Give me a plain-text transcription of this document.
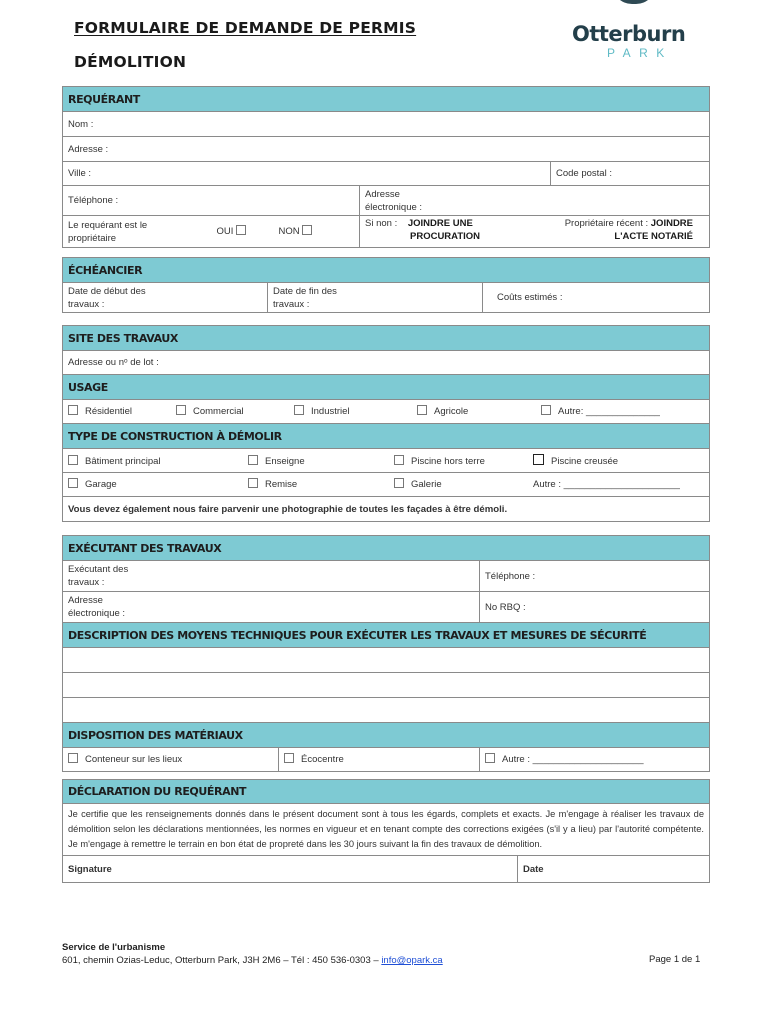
FORMULAIRE DE DEMANDE DE PERMIS
DÉMOLITION
Otterburn
PARK
REQUÉRANT				
Nom :				
Adresse :				
Ville :				Code postal :
Téléphone :			Adresse
électronique :	
Le requérant est le
propriétaire	OUI	NON	Si non : JOINDRE UNE
PROCURATION	Propriétaire récent : JOINDRE
L'ACTE NOTARIÉ
ÉCHÉANCIER
Date de début des
travaux :	Date de fin des
travaux :	Coûts estimés :
SITE DES TRAVAUX
Adresse ou nᵒ de lot :
USAGE
Résidentiel	Commercial	Industriel	Agricole	Autre: ______________
TYPE DE CONSTRUCTION À DÉMOLIR
Bâtiment principal	Enseigne	Piscine hors terre	Piscine creusée
Garage	Remise	Galerie	Autre : ______________________
Vous devez également nous faire parvenir une photographie de toutes les façades à être démoli.
EXÉCUTANT DES TRAVAUX		
Exécutant des
travaux :		Téléphone :
Adresse
électronique :		No RBQ :
DESCRIPTION DES MOYENS TECHNIQUES POUR EXÉCUTER LES TRAVAUX ET MESURES DE SÉCURITÉ		

DISPOSITION DES MATÉRIAUX		
Conteneur sur les lieux	Écocentre	Autre : _____________________
DÉCLARATION DU REQUÉRANT
Je certifie que les renseignements donnés dans le présent document sont à tous les égards, complets et exacts. Je m'engage à réaliser les travaux de démolition selon les déclarations mentionnées, les normes en vigueur et en tenant compte des corrections exigées (s'il y a lieu) par l'autorité compétente. Je m'engage à remettre le terrain en bon état de propreté dans les 30 jours suivant la fin des travaux de démolition.
Signature	Date
Service de l'urbanisme
601, chemin Ozias-Leduc, Otterburn Park, J3H 2M6 – Tél : 450 536-0303 – info@opark.ca	Page 1 de 1
